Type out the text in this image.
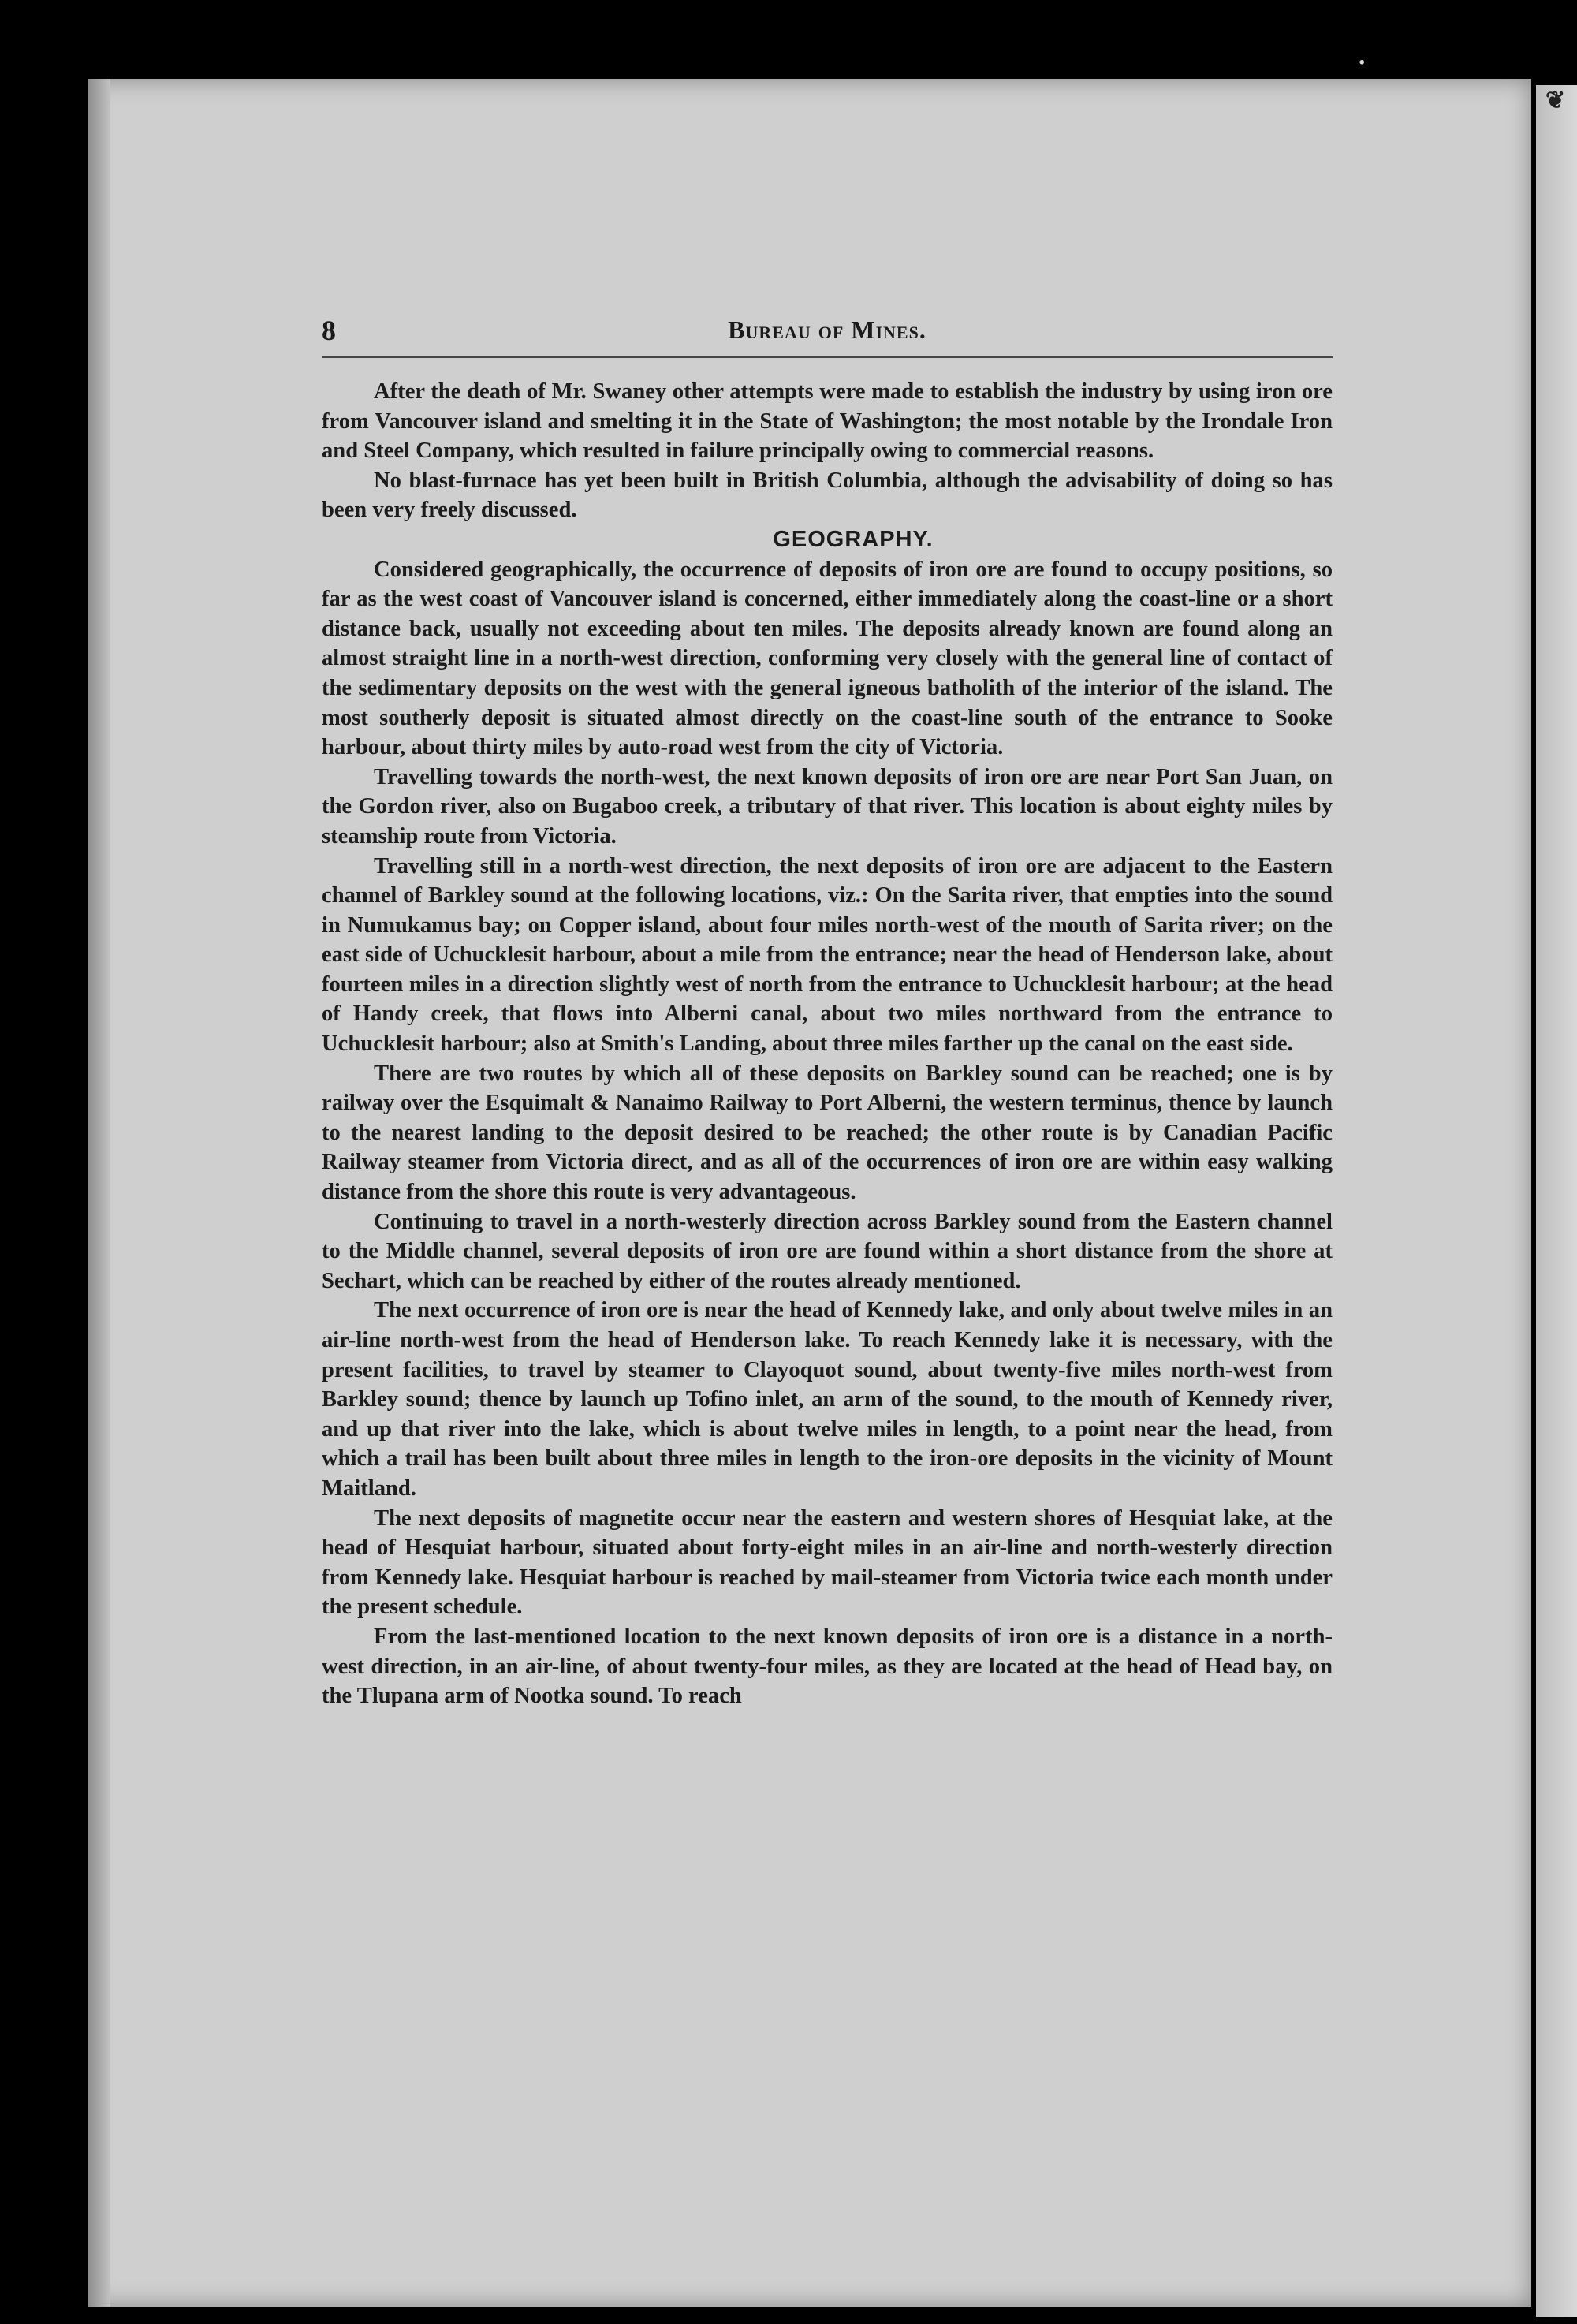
·
❦
8	Bureau of Mines.

After the death of Mr. Swaney other attempts were made to establish the industry by using iron ore from Vancouver island and smelting it in the State of Washington; the most notable by the Irondale Iron and Steel Company, which resulted in failure principally owing to commercial reasons.

No blast-furnace has yet been built in British Columbia, although the advisability of doing so has been very freely discussed.

GEOGRAPHY.

Considered geographically, the occurrence of deposits of iron ore are found to occupy positions, so far as the west coast of Vancouver island is concerned, either immediately along the coast-line or a short distance back, usually not exceeding about ten miles. The deposits already known are found along an almost straight line in a north-west direction, conforming very closely with the general line of contact of the sedimentary deposits on the west with the general igneous batholith of the interior of the island. The most southerly deposit is situated almost directly on the coast-line south of the entrance to Sooke harbour, about thirty miles by auto-road west from the city of Victoria.

Travelling towards the north-west, the next known deposits of iron ore are near Port San Juan, on the Gordon river, also on Bugaboo creek, a tributary of that river. This location is about eighty miles by steamship route from Victoria.

Travelling still in a north-west direction, the next deposits of iron ore are adjacent to the Eastern channel of Barkley sound at the following locations, viz.: On the Sarita river, that empties into the sound in Numukamus bay; on Copper island, about four miles north-west of the mouth of Sarita river; on the east side of Uchucklesit harbour, about a mile from the entrance; near the head of Henderson lake, about fourteen miles in a direction slightly west of north from the entrance to Uchucklesit harbour; at the head of Handy creek, that flows into Alberni canal, about two miles northward from the entrance to Uchucklesit harbour; also at Smith's Landing, about three miles farther up the canal on the east side.

There are two routes by which all of these deposits on Barkley sound can be reached; one is by railway over the Esquimalt & Nanaimo Railway to Port Alberni, the western terminus, thence by launch to the nearest landing to the deposit desired to be reached; the other route is by Canadian Pacific Railway steamer from Victoria direct, and as all of the occurrences of iron ore are within easy walking distance from the shore this route is very advantageous.

Continuing to travel in a north-westerly direction across Barkley sound from the Eastern channel to the Middle channel, several deposits of iron ore are found within a short distance from the shore at Sechart, which can be reached by either of the routes already mentioned.

The next occurrence of iron ore is near the head of Kennedy lake, and only about twelve miles in an air-line north-west from the head of Henderson lake. To reach Kennedy lake it is necessary, with the present facilities, to travel by steamer to Clayoquot sound, about twenty-five miles north-west from Barkley sound; thence by launch up Tofino inlet, an arm of the sound, to the mouth of Kennedy river, and up that river into the lake, which is about twelve miles in length, to a point near the head, from which a trail has been built about three miles in length to the iron-ore deposits in the vicinity of Mount Maitland.

The next deposits of magnetite occur near the eastern and western shores of Hesquiat lake, at the head of Hesquiat harbour, situated about forty-eight miles in an air-line and north-westerly direction from Kennedy lake. Hesquiat harbour is reached by mail-steamer from Victoria twice each month under the present schedule.

From the last-mentioned location to the next known deposits of iron ore is a distance in a north-west direction, in an air-line, of about twenty-four miles, as they are located at the head of Head bay, on the Tlupana arm of Nootka sound. To reach
